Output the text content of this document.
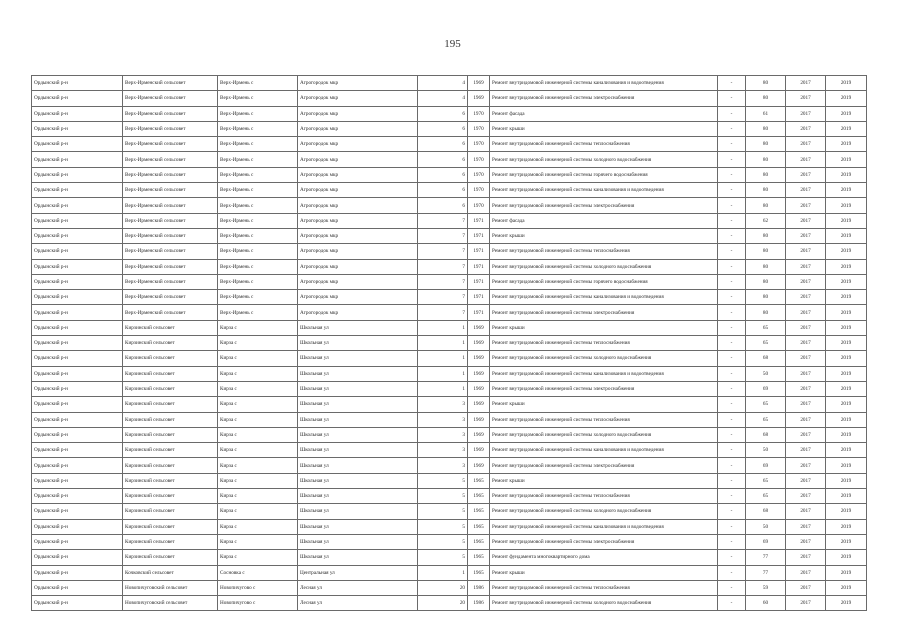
195
Ордынский р-н	Верх-Ирменский сельсовет	Верх-Ирмень с	Агрогородок мкр	4	1969	Ремонт внутридомовой инженерной системы канализования и водоотведения	-	80	2017	2019
Ордынский р-н	Верх-Ирменский сельсовет	Верх-Ирмень с	Агрогородок мкр	4	1969	Ремонт внутридомовой инженерной системы электроснабжения	-	80	2017	2019
Ордынский р-н	Верх-Ирменский сельсовет	Верх-Ирмень с	Агрогородок мкр	6	1970	Ремонт фасада	-	61	2017	2019
Ордынский р-н	Верх-Ирменский сельсовет	Верх-Ирмень с	Агрогородок мкр	6	1970	Ремонт крыши	-	80	2017	2019
Ордынский р-н	Верх-Ирменский сельсовет	Верх-Ирмень с	Агрогородок мкр	6	1970	Ремонт внутридомовой инженерной системы теплоснабжения	-	80	2017	2019
Ордынский р-н	Верх-Ирменский сельсовет	Верх-Ирмень с	Агрогородок мкр	6	1970	Ремонт внутридомовой инженерной системы холодного водоснабжения	-	80	2017	2019
Ордынский р-н	Верх-Ирменский сельсовет	Верх-Ирмень с	Агрогородок мкр	6	1970	Ремонт внутридомовой инженерной системы горячего водоснабжения	-	80	2017	2019
Ордынский р-н	Верх-Ирменский сельсовет	Верх-Ирмень с	Агрогородок мкр	6	1970	Ремонт внутридомовой инженерной системы канализования и водоотведения	-	80	2017	2019
Ордынский р-н	Верх-Ирменский сельсовет	Верх-Ирмень с	Агрогородок мкр	6	1970	Ремонт внутридомовой инженерной системы электроснабжения	-	80	2017	2019
Ордынский р-н	Верх-Ирменский сельсовет	Верх-Ирмень с	Агрогородок мкр	7	1971	Ремонт фасада	-	62	2017	2019
Ордынский р-н	Верх-Ирменский сельсовет	Верх-Ирмень с	Агрогородок мкр	7	1971	Ремонт крыши	-	80	2017	2019
Ордынский р-н	Верх-Ирменский сельсовет	Верх-Ирмень с	Агрогородок мкр	7	1971	Ремонт внутридомовой инженерной системы теплоснабжения	-	80	2017	2019
Ордынский р-н	Верх-Ирменский сельсовет	Верх-Ирмень с	Агрогородок мкр	7	1971	Ремонт внутридомовой инженерной системы холодного водоснабжения	-	80	2017	2019
Ордынский р-н	Верх-Ирменский сельсовет	Верх-Ирмень с	Агрогородок мкр	7	1971	Ремонт внутридомовой инженерной системы горячего водоснабжения	-	80	2017	2019
Ордынский р-н	Верх-Ирменский сельсовет	Верх-Ирмень с	Агрогородок мкр	7	1971	Ремонт внутридомовой инженерной системы канализования и водоотведения	-	80	2017	2019
Ордынский р-н	Верх-Ирменский сельсовет	Верх-Ирмень с	Агрогородок мкр	7	1971	Ремонт внутридомовой инженерной системы электроснабжения	-	80	2017	2019
Ордынский р-н	Кирзинский сельсовет	Кирза с	Школьная ул	1	1969	Ремонт крыши	-	65	2017	2019
Ордынский р-н	Кирзинский сельсовет	Кирза с	Школьная ул	1	1969	Ремонт внутридомовой инженерной системы теплоснабжения	-	65	2017	2019
Ордынский р-н	Кирзинский сельсовет	Кирза с	Школьная ул	1	1969	Ремонт внутридомовой инженерной системы холодного водоснабжения	-	68	2017	2019
Ордынский р-н	Кирзинский сельсовет	Кирза с	Школьная ул	1	1969	Ремонт внутридомовой инженерной системы канализования и водоотведения	-	50	2017	2019
Ордынский р-н	Кирзинский сельсовет	Кирза с	Школьная ул	1	1969	Ремонт внутридомовой инженерной системы электроснабжения	-	69	2017	2019
Ордынский р-н	Кирзинский сельсовет	Кирза с	Школьная ул	3	1969	Ремонт крыши	-	65	2017	2019
Ордынский р-н	Кирзинский сельсовет	Кирза с	Школьная ул	3	1969	Ремонт внутридомовой инженерной системы теплоснабжения	-	65	2017	2019
Ордынский р-н	Кирзинский сельсовет	Кирза с	Школьная ул	3	1969	Ремонт внутридомовой инженерной системы холодного водоснабжения	-	68	2017	2019
Ордынский р-н	Кирзинский сельсовет	Кирза с	Школьная ул	3	1969	Ремонт внутридомовой инженерной системы канализования и водоотведения	-	50	2017	2019
Ордынский р-н	Кирзинский сельсовет	Кирза с	Школьная ул	3	1969	Ремонт внутридомовой инженерной системы электроснабжения	-	69	2017	2019
Ордынский р-н	Кирзинский сельсовет	Кирза с	Школьная ул	5	1965	Ремонт крыши	-	65	2017	2019
Ордынский р-н	Кирзинский сельсовет	Кирза с	Школьная ул	5	1965	Ремонт внутридомовой инженерной системы теплоснабжения	-	65	2017	2019
Ордынский р-н	Кирзинский сельсовет	Кирза с	Школьная ул	5	1965	Ремонт внутридомовой инженерной системы холодного водоснабжения	-	68	2017	2019
Ордынский р-н	Кирзинский сельсовет	Кирза с	Школьная ул	5	1965	Ремонт внутридомовой инженерной системы канализования и водоотведения	-	50	2017	2019
Ордынский р-н	Кирзинский сельсовет	Кирза с	Школьная ул	5	1965	Ремонт внутридомовой инженерной системы электроснабжения	-	69	2017	2019
Ордынский р-н	Кирзинский сельсовет	Кирза с	Школьная ул	5	1965	Ремонт фундамента многоквартирного дома	-	77	2017	2019
Ордынский р-н	Кочковский сельсовет	Сосновка с	Центральная ул	1	1965	Ремонт крыши	-	77	2017	2019
Ордынский р-н	Новопичуговский сельсовет	Новопичугово с	Лесная ул	20	1986	Ремонт внутридомовой инженерной системы теплоснабжения	-	59	2017	2019
Ордынский р-н	Новопичуговский сельсовет	Новопичугово с	Лесная ул	20	1986	Ремонт внутридомовой инженерной системы холодного водоснабжения	-	60	2017	2019
